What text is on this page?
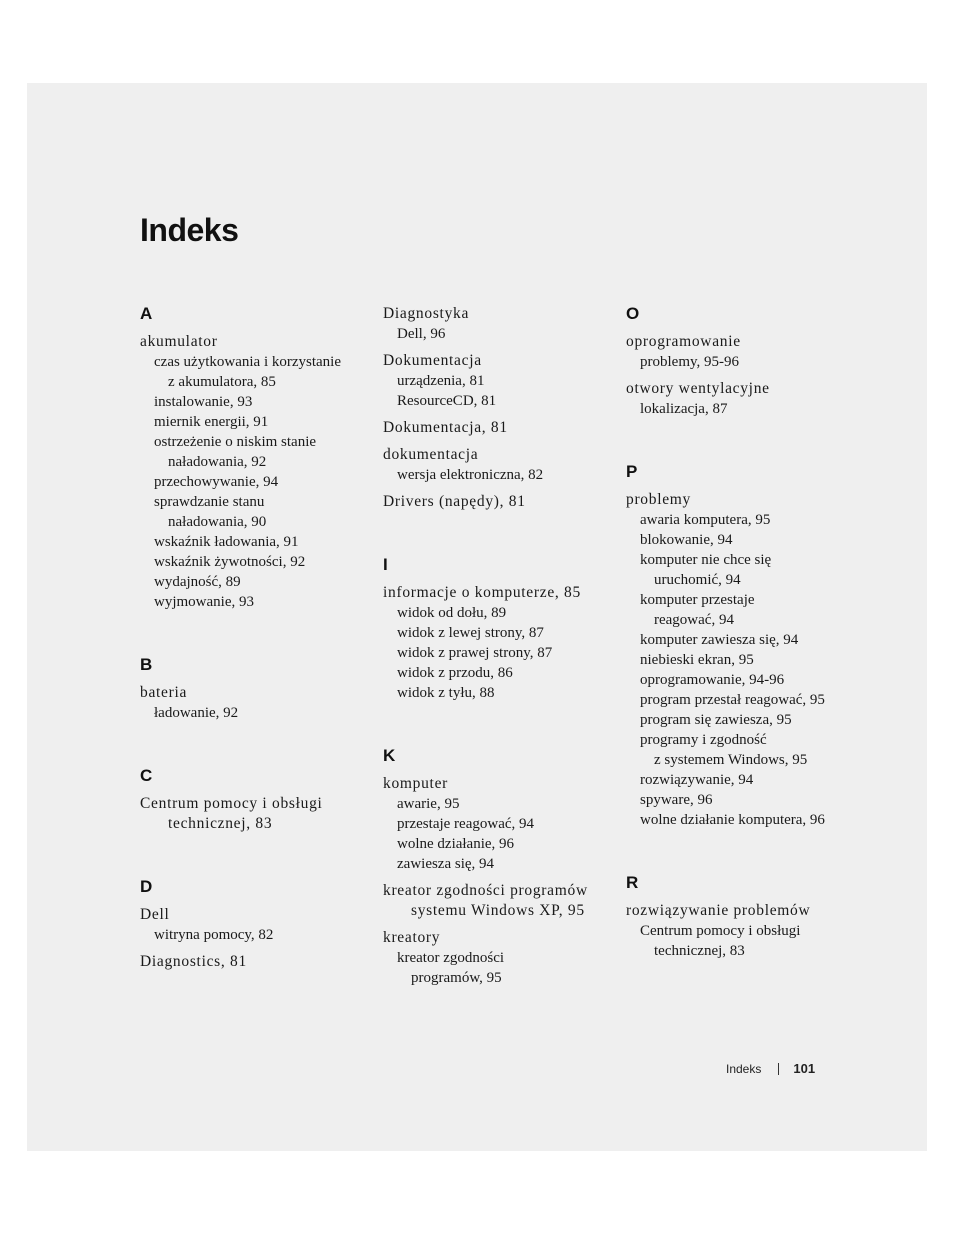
Indeks
A
akumulator
czas użytkowania i korzystanie
z akumulatora, 85
instalowanie, 93
miernik energii, 91
ostrzeżenie o niskim stanie
naładowania, 92
przechowywanie, 94
sprawdzanie stanu
naładowania, 90
wskaźnik ładowania, 91
wskaźnik żywotności, 92
wydajność, 89
wyjmowanie, 93
B
bateria
ładowanie, 92
C
Centrum pomocy i obsługi
technicznej, 83
D
Dell
witryna pomocy, 82
Diagnostics, 81
Diagnostyka
Dell, 96
Dokumentacja
urządzenia, 81
ResourceCD, 81
Dokumentacja, 81
dokumentacja
wersja elektroniczna, 82
Drivers (napędy), 81
I
informacje o komputerze, 85
widok od dołu, 89
widok z lewej strony, 87
widok z prawej strony, 87
widok z przodu, 86
widok z tyłu, 88
K
komputer
awarie, 95
przestaje reagować, 94
wolne działanie, 96
zawiesza się, 94
kreator zgodności programów
systemu Windows XP, 95
kreatory
kreator zgodności
programów, 95
O
oprogramowanie
problemy, 95-96
otwory wentylacyjne
lokalizacja, 87
P
problemy
awaria komputera, 95
blokowanie, 94
komputer nie chce się
uruchomić, 94
komputer przestaje
reagować, 94
komputer zawiesza się, 94
niebieski ekran, 95
oprogramowanie, 94-96
program przestał reagować, 95
program się zawiesza, 95
programy i zgodność
z systemem Windows, 95
rozwiązywanie, 94
spyware, 96
wolne działanie komputera, 96
R
rozwiązywanie problemów
Centrum pomocy i obsługi
technicznej, 83
Indeks 101
